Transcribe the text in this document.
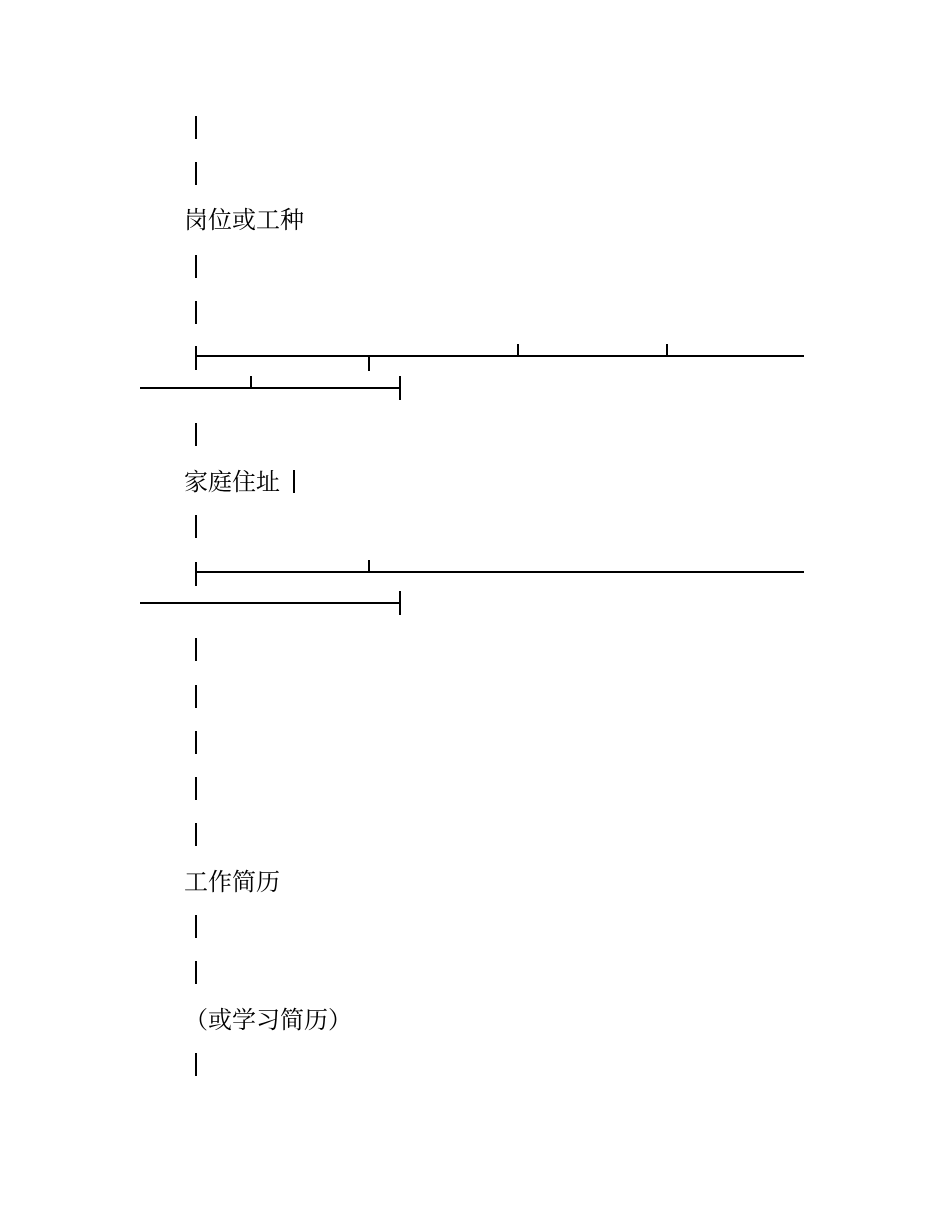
岗位或工种
家庭住址
工作简历
（或学习简历）
